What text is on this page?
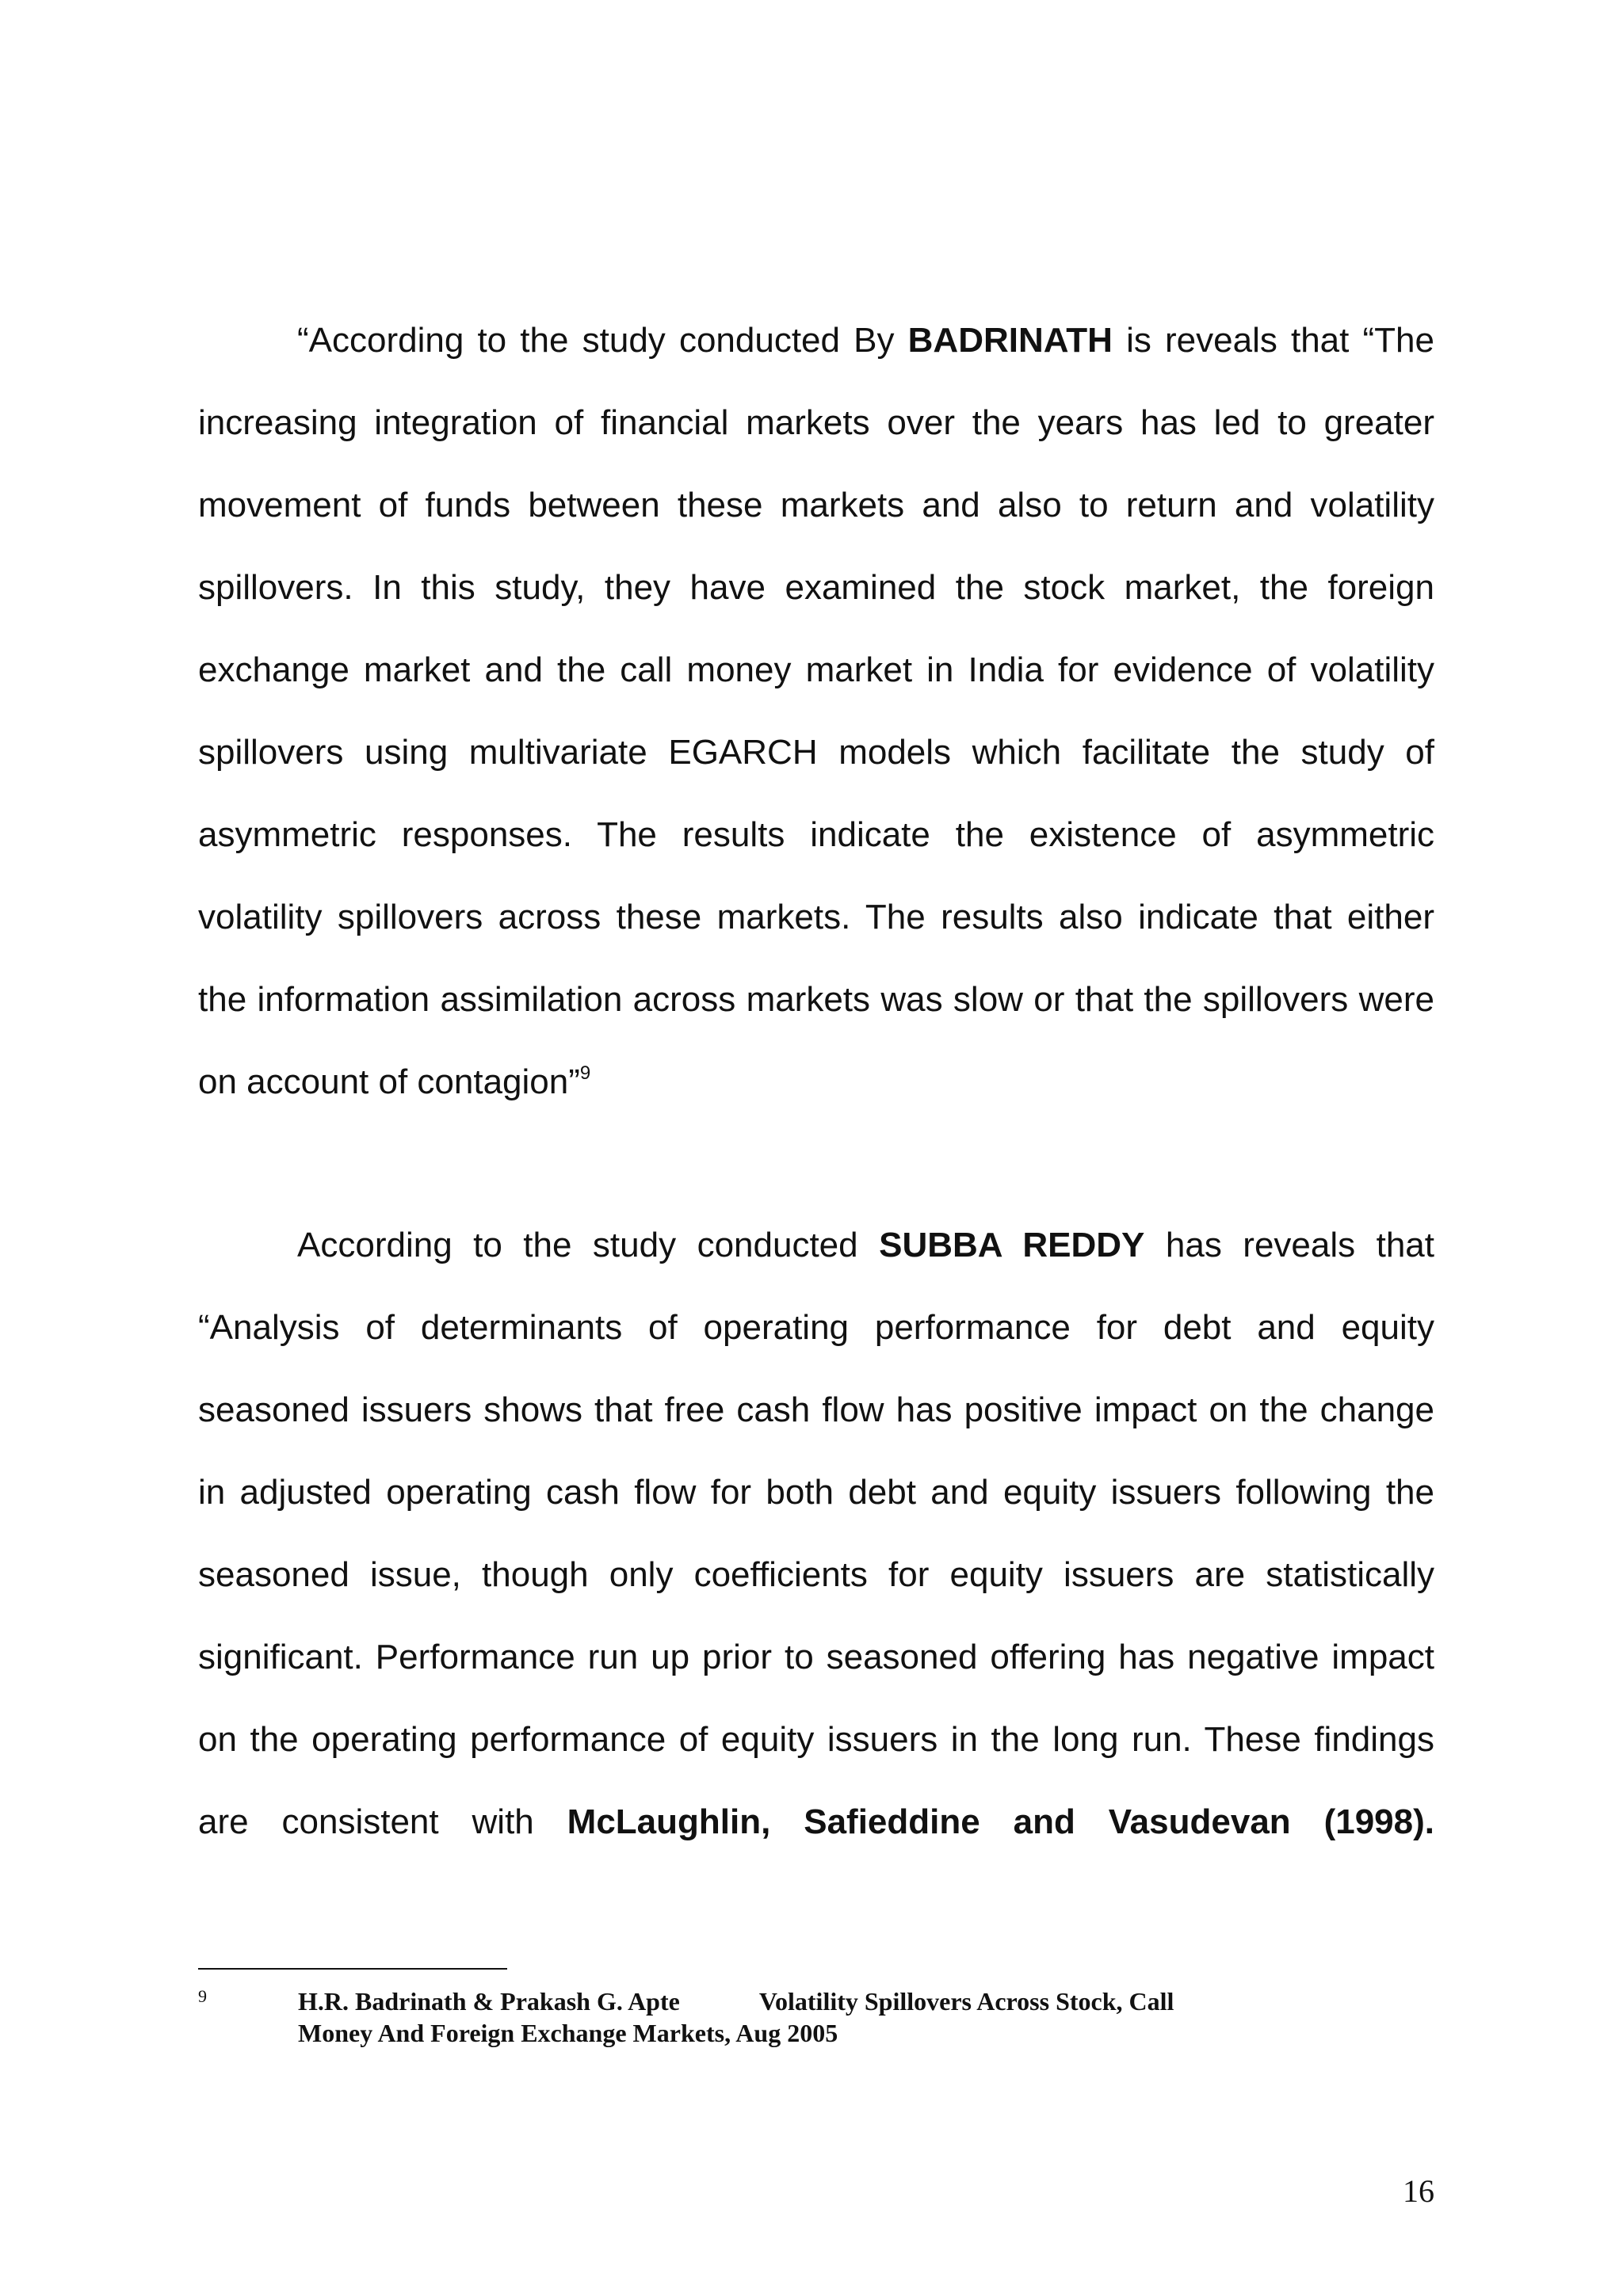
“According to the study conducted By BADRINATH is reveals that “The increasing integration of financial markets over the years has led to greater movement of funds between these markets and also to return and volatility spillovers. In this study, they have examined the stock market, the foreign exchange market and the call money market in India for evidence of volatility spillovers using multivariate EGARCH models which facilitate the study of asymmetric responses. The results indicate the existence of asymmetric volatility spillovers across these markets. The results also indicate that either the information assimilation across markets was slow or that the spillovers were on account of contagion”$^9$

According to the study conducted SUBBA REDDY has reveals that “Analysis of determinants of operating performance for debt and equity seasoned issuers shows that free cash flow has positive impact on the change in adjusted operating cash flow for both debt and equity issuers following the seasoned issue, though only coefficients for equity issuers are statistically significant. Performance run up prior to seasoned offering has negative impact on the operating performance of equity issuers in the long run. These findings are consistent with McLaughlin, Safieddine and Vasudevan (1998).

9	H.R. Badrinath & Prakash G. Apte	Volatility Spillovers Across Stock, Call
Money And Foreign Exchange Markets, Aug 2005
16
